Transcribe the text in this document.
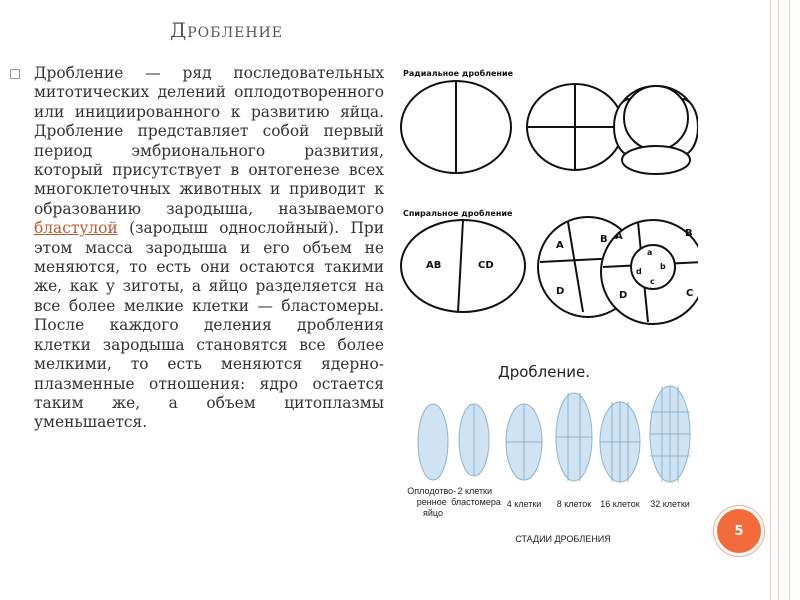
Дробление
Дробление — ряд последовательных митотических делений оплодотворенного или инициированного к развитию яйца. Дробление представляет собой первый период эмбрионального развития, который присутствует в онтогенезе всех многоклеточных животных и приводит к образованию зародыша, называемого бластулой (зародыш однослойный). При этом масса зародыша и его объем не меняются, то есть они остаются такими же, как у зиготы, а яйцо разделяется на все более мелкие клетки — бластомеры. После каждого деления дробления клетки зародыша становятся все более мелкими, то есть меняются ядерно-плазменные отношения: ядро остается таким же, а объем цитоплазмы уменьшается.
Радиальное дробление
Спиральное дробление
AB	CD
A
B
D
A	B
D	C
a
b
d
c
Дробление.
Оплодотво- ренное яйцо
2 клетки бластомера 4 клетки 8 клеток 16 клеток 32 клетки
СТАДИИ ДРОБЛЕНИЯ
5
